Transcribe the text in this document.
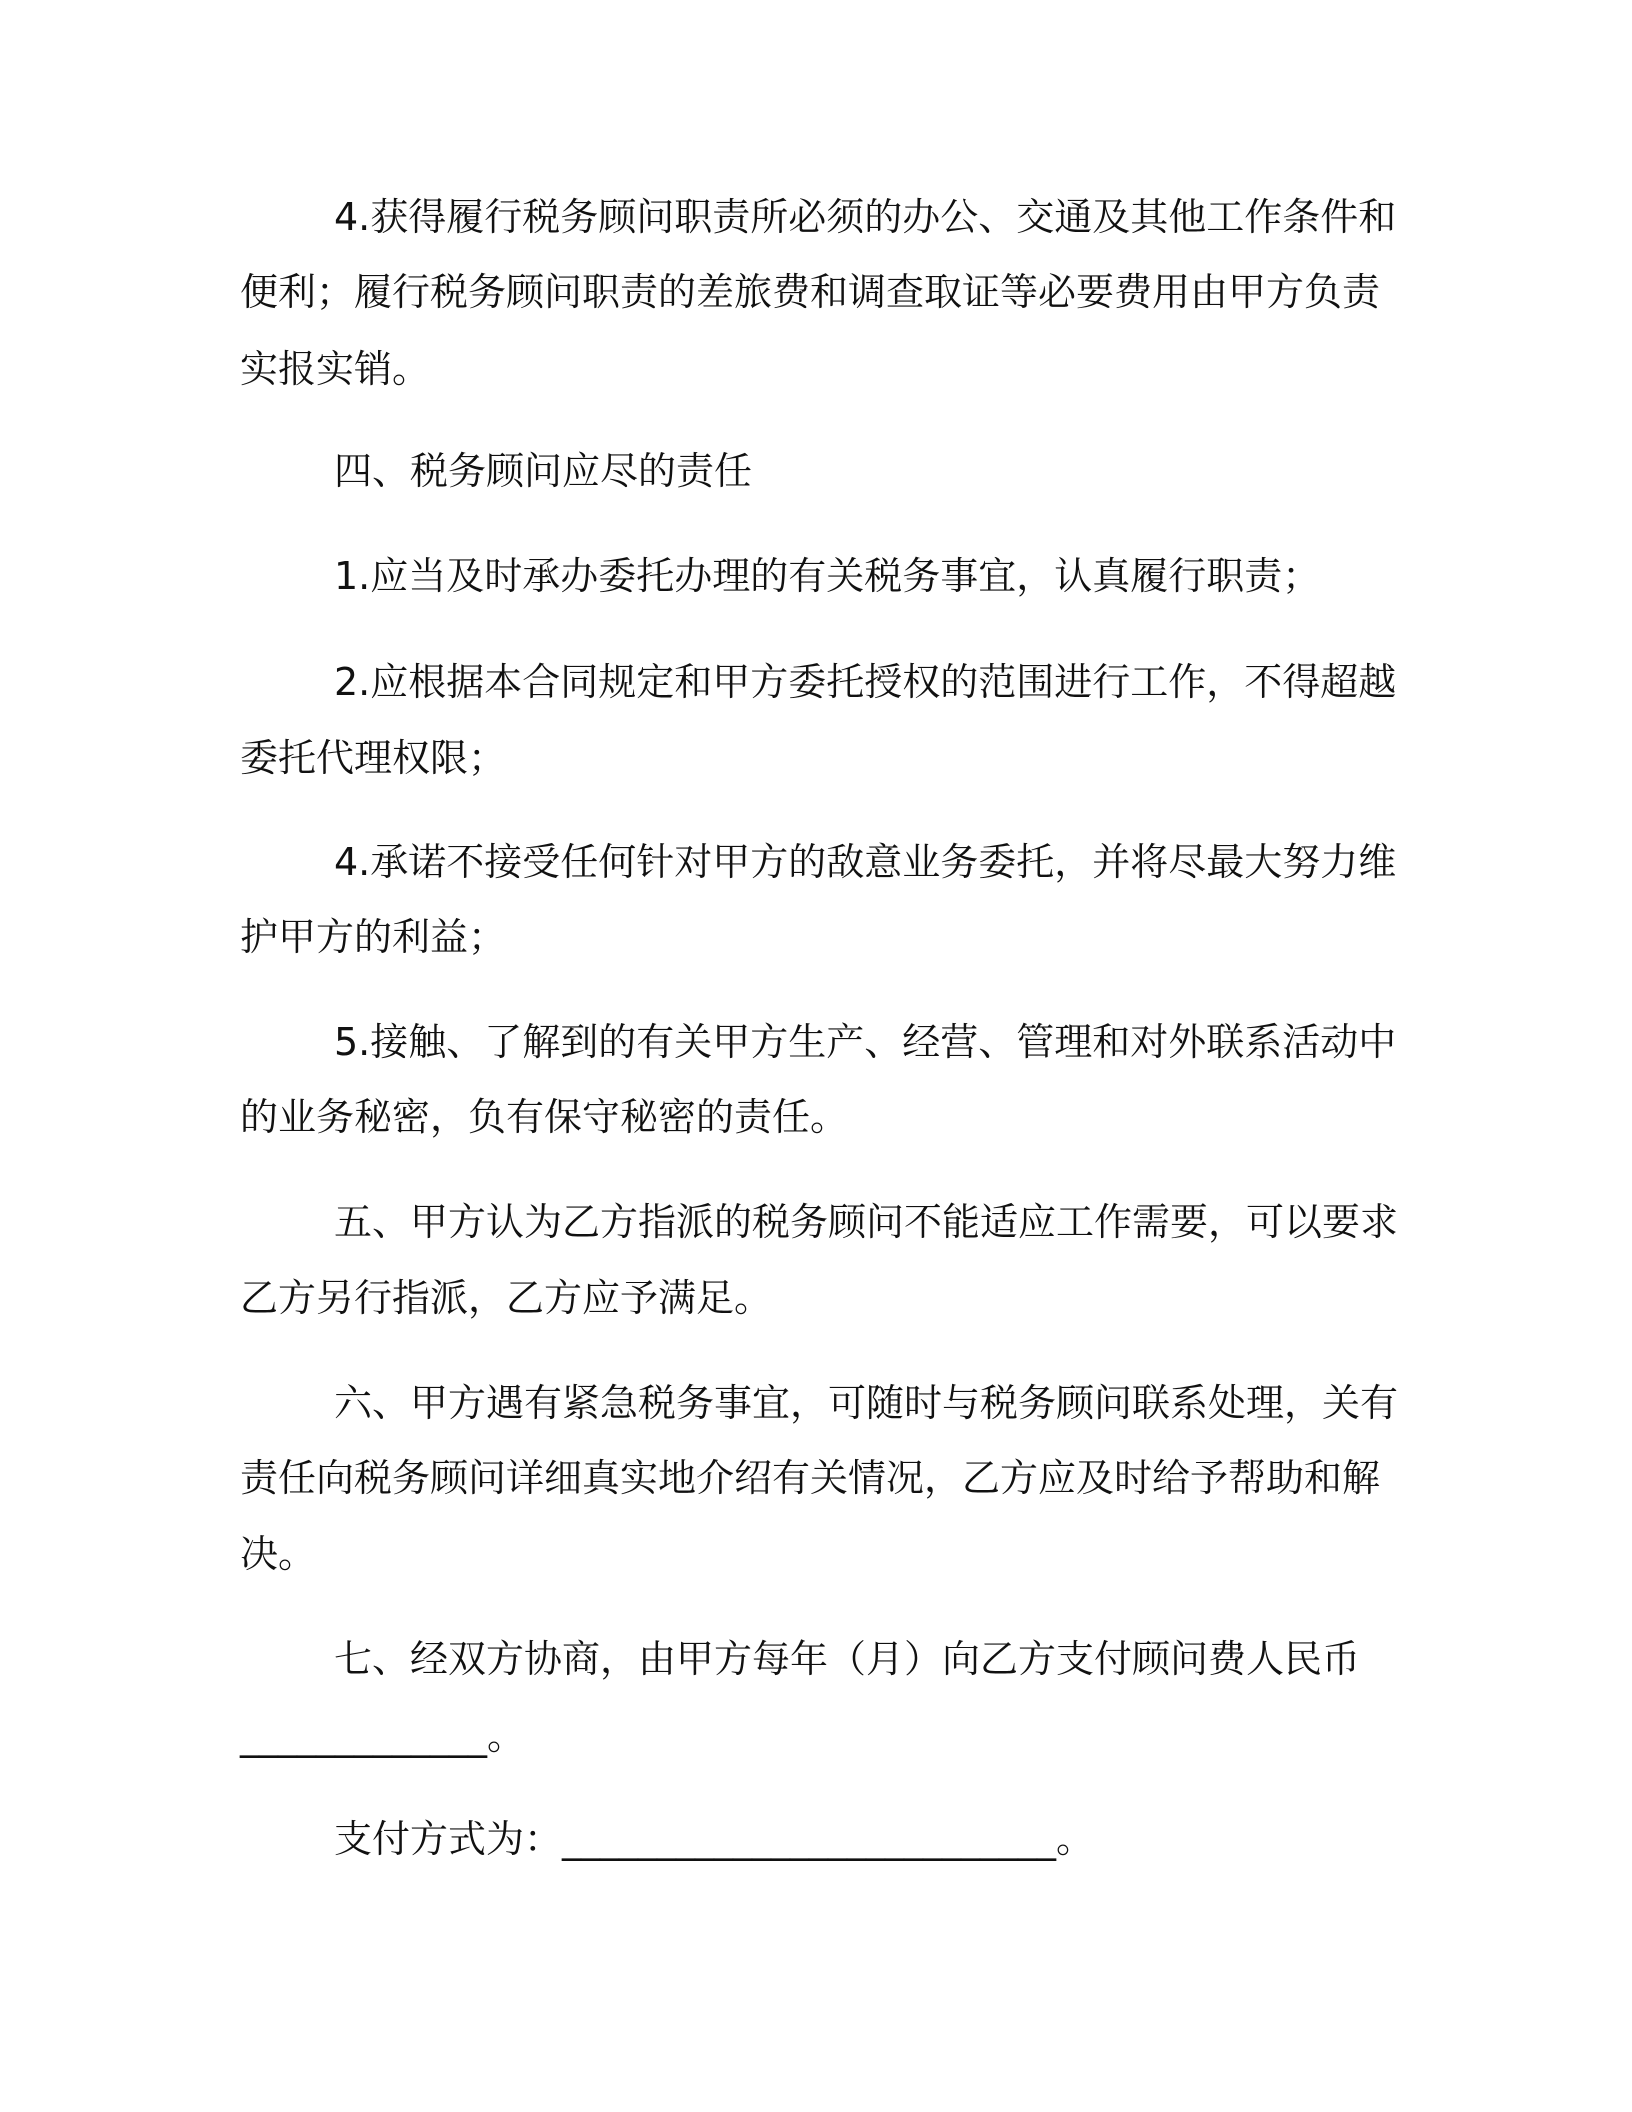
4.获得履行税务顾问职责所必须的办公、交通及其他工作条件和
便利；履行税务顾问职责的差旅费和调查取证等必要费用由甲方负责
实报实销。
四、税务顾问应尽的责任
1.应当及时承办委托办理的有关税务事宜，认真履行职责；
2.应根据本合同规定和甲方委托授权的范围进行工作，不得超越
委托代理权限；
4.承诺不接受任何针对甲方的敌意业务委托，并将尽最大努力维
护甲方的利益；
5.接触、了解到的有关甲方生产、经营、管理和对外联系活动中
的业务秘密，负有保守秘密的责任。
五、甲方认为乙方指派的税务顾问不能适应工作需要，可以要求
乙方另行指派，乙方应予满足。
六、甲方遇有紧急税务事宜，可随时与税务顾问联系处理，关有
责任向税务顾问详细真实地介绍有关情况，乙方应及时给予帮助和解
决。
七、经双方协商，由甲方每年（月）向乙方支付顾问费人民币
_____________。
支付方式为：__________________________。
